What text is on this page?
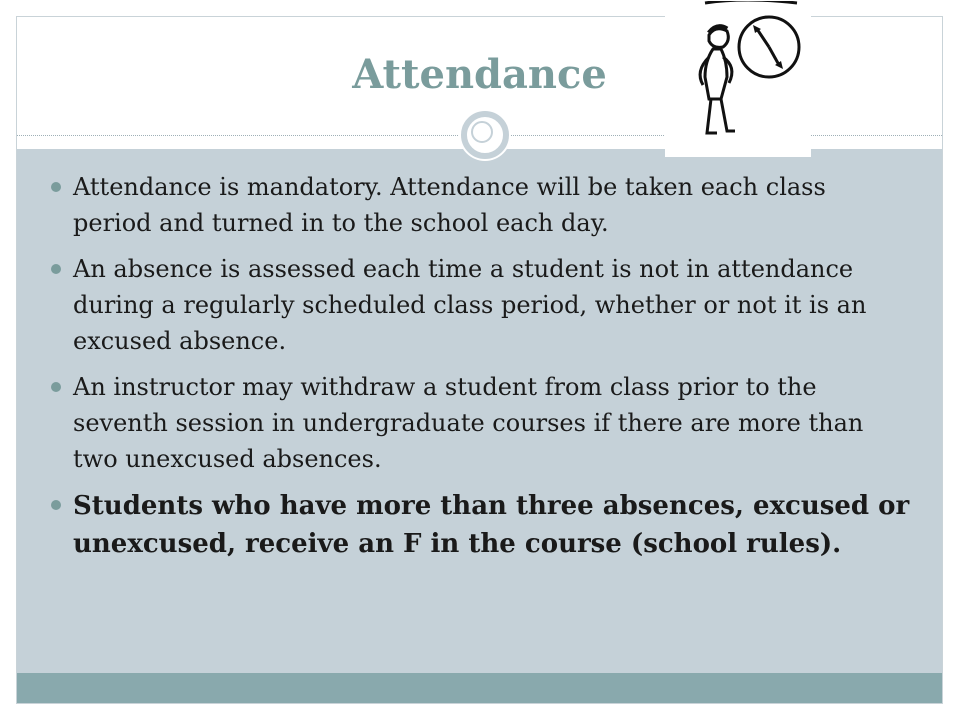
Attendance
Attendance is mandatory. Attendance will be taken each class period and turned in to the school each day.
An absence is assessed each time a student is not in attendance during a regularly scheduled class period, whether or not it is an excused absence.
An instructor may withdraw a student from class prior to the seventh session in undergraduate courses if there are more than two unexcused absences.
Students who have more than three absences, excused or unexcused, receive an F in the course (school rules).
